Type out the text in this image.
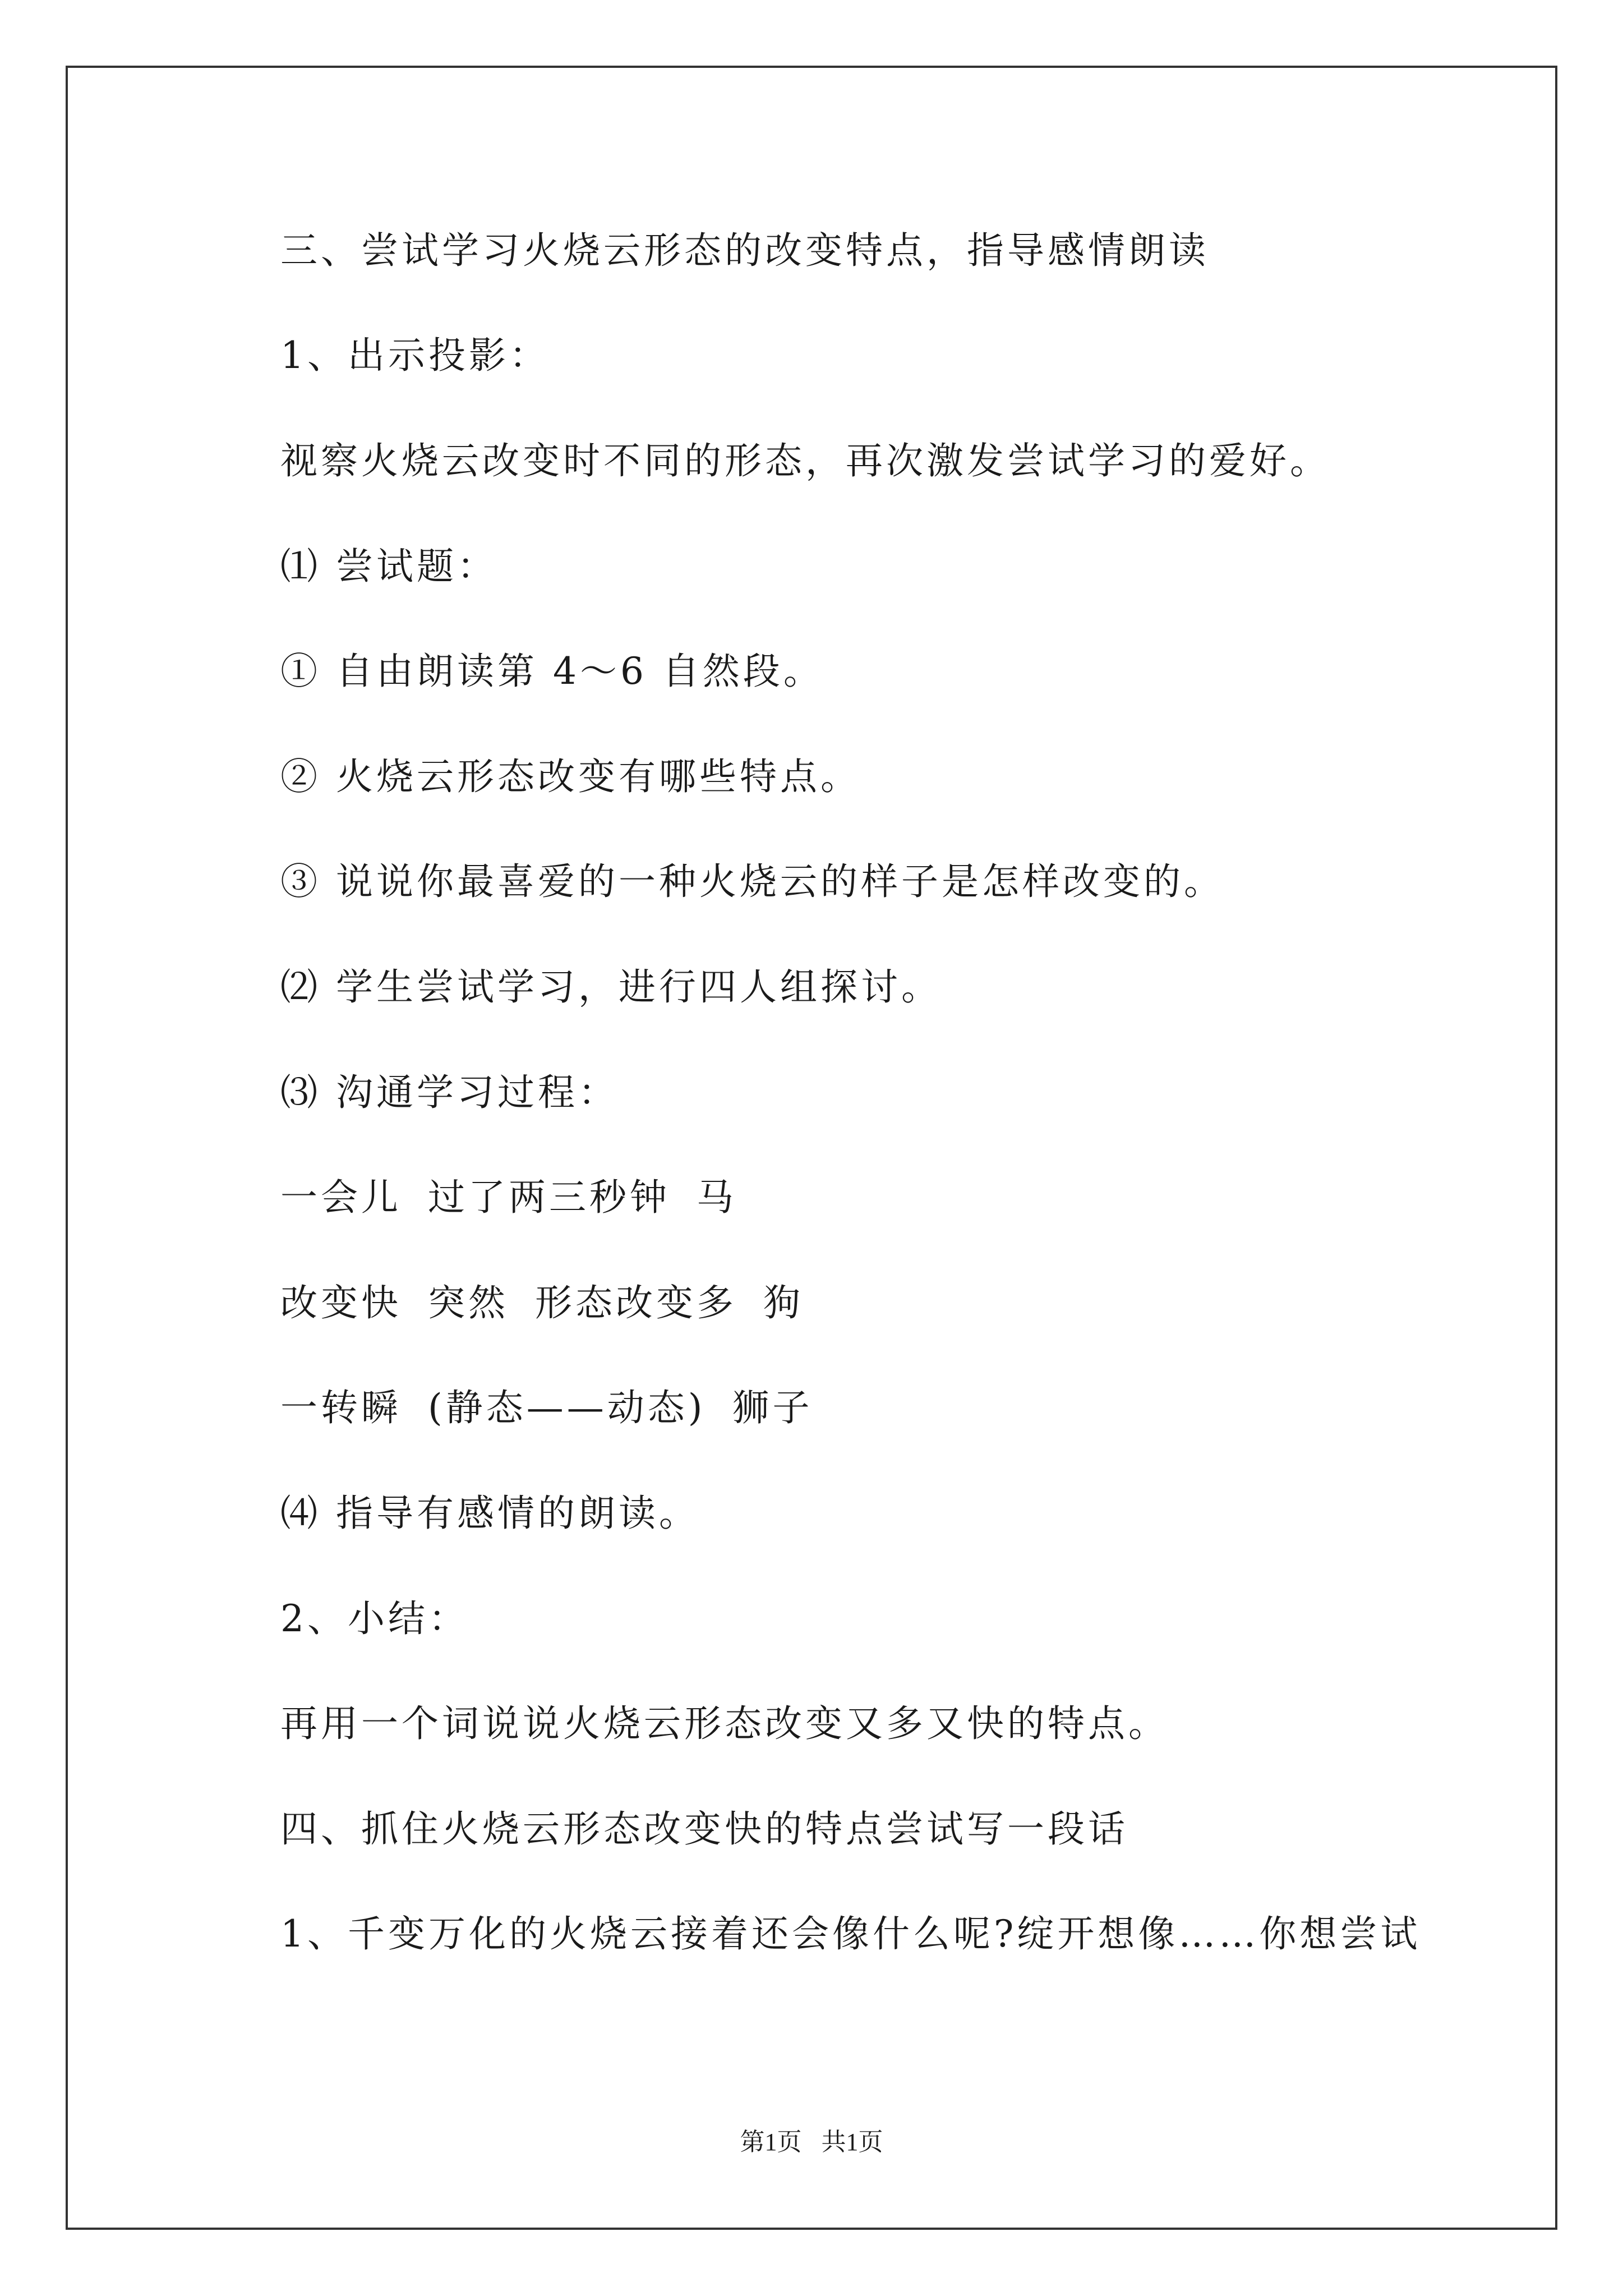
三、尝试学习火烧云形态的改变特点，指导感情朗读
1、出示投影：
视察火烧云改变时不同的形态，再次激发尝试学习的爱好。
⑴ 尝试题：
① 自由朗读第 4～6 自然段。
② 火烧云形态改变有哪些特点。
③ 说说你最喜爱的一种火烧云的样子是怎样改变的。
⑵ 学生尝试学习，进行四人组探讨。
⑶ 沟通学习过程：
一会儿 过了两三秒钟 马
改变快 突然 形态改变多 狗
一转瞬 (静态——动态) 狮子
⑷ 指导有感情的朗读。
2、小结：
再用一个词说说火烧云形态改变又多又快的特点。
四、抓住火烧云形态改变快的特点尝试写一段话
1、千变万化的火烧云接着还会像什么呢?绽开想像……你想尝试
第1页 共1页
